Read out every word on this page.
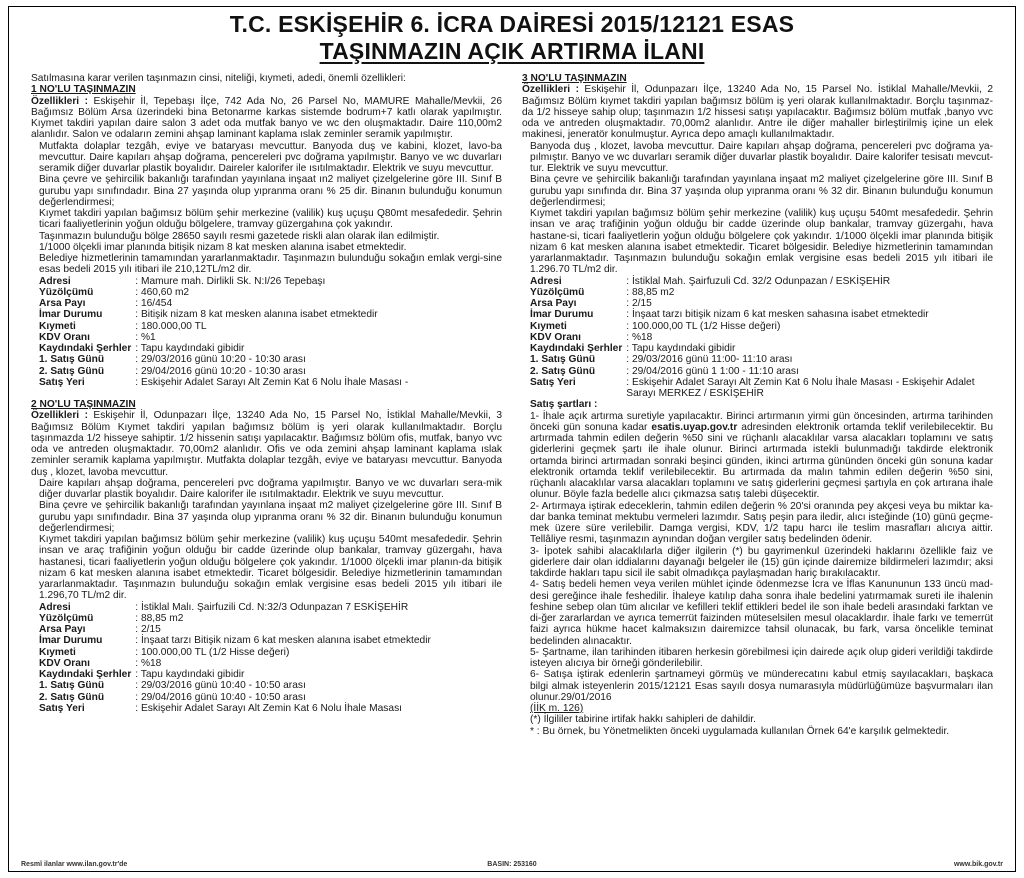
T.C. ESKİŞEHİR 6. İCRA DAİRESİ 2015/12121 ESAS
TAŞINMAZIN AÇIK ARTIRMA İLANI

Satılmasına karar verilen taşınmazın cinsi, niteliği, kıymeti, adedi, önemli özellikleri:

1 NO'LU TAŞINMAZIN

Özellikleri : Eskişehir İl, Tepebaşı İlçe, 742 Ada No, 26 Parsel No, MAMURE Mahalle/Mevkii, 26 Bağımsız Bölüm Arsa üzerindeki bina Betonarme karkas sistemde bodrum+7 katlı olarak yapılmıştır. Kıymet takdiri yapılan daire salon 3 adet oda mutfak banyo ve wc den oluşmaktadır. Daire 110,00m2 alanlıdır. Salon ve odaların zemini ahşap laminant kaplama ıslak zeminler seramik yapılmıştır.

Mutfakta dolaplar tezgâh, eviye ve bataryası mevcuttur. Banyoda duş ve kabini, klozet, lavo-ba mevcuttur. Daire kapıları ahşap doğrama, pencereleri pvc doğrama yapılmıştır. Banyo ve wc duvarları seramik diğer duvarlar plastik boyalıdır. Daireler kalorifer ile ısıtılmaktadır. Elektrik ve suyu mevcuttur.

Bina çevre ve şehircilik bakanlığı tarafından yayınlana inşaat ın2 maliyet çizelgelerine göre III. Sınıf B gurubu yapı sınıfındadır. Bina 27 yaşında olup yıpranma oranı % 25 dir. Binanın bulunduğu konumun değerlendirmesi;

Kıymet takdiri yapılan bağımsız bölüm şehir merkezine (valilik) kuş uçuşu Q80mt mesafededir. Şehrin ticari faaliyetlerinin yoğun olduğu bölgelere, tramvay güzergahına çok yakındır.

Taşınmazın bulunduğu bölge 28650 sayılı resmi gazetede riskli alan olarak ilan edilmiştir.

1/1000 ölçekli imar planında bitişik nizam 8 kat mesken alanına isabet etmektedir.

Belediye hizmetlerinin tamamından yararlanmaktadır. Taşınmazın bulunduğu sokağın emlak vergi-sine esas bedeli 2015 yılı itibari ile 210,12TL/m2 dir.

Adresi	: Mamure mah. Dirlikli Sk. N:I/26 Tepebaşı
Yüzölçümü	: 460,60 m2
Arsa Payı	: 16/454
İmar Durumu	: Bitişik nizam 8 kat mesken alanına isabet etmektedir
Kıymeti	: 180.000,00 TL
KDV Oranı	: %1
Kaydındaki Şerhler	: Tapu kaydındaki gibidir
1. Satış Günü	: 29/03/2016 günü 10:20 - 10:30 arası
2. Satış Günü	: 29/04/2016 günü 10:20 - 10:30 arası
Satış Yeri	: Eskişehir Adalet Sarayı Alt Zemin Kat 6 Nolu İhale Masası -
2 NO'LU TAŞINMAZIN

Özellikleri : Eskişehir İl, Odunpazarı İlçe, 13240 Ada No, 15 Parsel No, İstiklal Mahalle/Mevkii, 3 Bağımsız Bölüm Kıymet takdiri yapılan bağımsız bölüm iş yeri olarak kullanılmaktadır. Borçlu taşınmazda 1/2 hisseye sahiptir. 1/2 hissenin satışı yapılacaktır. Bağımsız bölüm ofis, mutfak, banyo vvc oda ve antreden oluşmaktadır. 70,00m2 alanlıdır. Ofis ve oda zemini ahşap laminant kaplama ıslak zeminler seramik kaplama yapılmıştır. Mutfakta dolaplar tezgâh, eviye ve bataryası mevcuttur. Banyoda duş , klozet, lavoba mevcuttur.

Daire kapıları ahşap doğrama, pencereleri pvc doğrama yapılmıştır. Banyo ve wc duvarları sera-mik diğer duvarlar plastik boyalıdır. Daire kalorifer ile ısıtılmaktadır. Elektrik ve suyu mevcuttur.

Bina çevre ve şehircilik bakanlığı tarafından yayınlana inşaat m2 maliyet çizelgelerine göre III. Sınıf B gurubu yapı sınıfındadır. Bina 37 yaşında olup yıpranma oranı % 32 dir. Binanın bulunduğu konumun değerlendirmesi;

Kıymet takdiri yapılan bağımsız bölüm şehir merkezine (valilik) kuş uçuşu 540mt mesafededir. Şehrin insan ve araç trafiğinin yoğun olduğu bir cadde üzerinde olup bankalar, tramvay güzergahı, hava hastanesi, ticari faaliyetlerin yoğun olduğu bölgelere çok yakındır. 1/1000 ölçekli imar planın-da bitişik nizam 6 kat mesken alanına isabet etmektedir. Ticaret bölgesidir. Belediye hizmetlerinin tamamından yararlanmaktadır. Taşınmazın bulunduğu sokağın emlak vergisine esas bedeli 2015 yılı itibari ile 1.296,70 TL/m2 dir.

Adresi	: İstiklal Malı. Şairfuzili Cd. N:32/3 Odunpazan 7 ESKİŞEHİR
Yüzölçümü	: 88,85 m2
Arsa Payı	: 2/15
İmar Durumu	: İnşaat tarzı Bitişik nizam 6 kat mesken alanına isabet etmektedir
Kıymeti	: 100.000,00 TL (1/2 Hisse değeri)
KDV Oranı	: %18
Kaydındaki Şerhler	: Tapu kaydındaki gibidir
1. Satış Günü	: 29/03/2016 günü 10:40 - 10:50 arası
2. Satış Günü	: 29/04/2016 günü 10:40 - 10:50 arası
Satış Yeri	: Eskişehir Adalet Sarayı Alt Zemin Kat 6 Nolu İhale Masası
3 NO'LU TAŞINMAZIN

Özellikleri : Eskişehir İl, Odunpazarı İlçe, 13240 Ada No, 15 Parsel No. İstiklal Mahalle/Mevkii, 2 Bağımsız Bölüm kıymet takdiri yapılan bağımsız bölüm iş yeri olarak kullanılmaktadır. Borçlu taşınmaz-da 1/2 hisseye sahip olup; taşınmazın 1/2 hissesi satışı yapılacaktır. Bağımsız bölüm mutfak ,banyo vvc oda ve antreden oluşmaktadır. 70,00m2 alanlıdır. Antre ile diğer mahaller birleştirilmiş içine un elek makinesi, jeneratör konulmuştur. Ayrıca depo amaçlı kullanılmaktadır.

Banyoda duş , klozet, lavoba mevcuttur. Daire kapıları ahşap doğrama, pencereleri pvc doğrama ya-pılmıştır. Banyo ve wc duvarları seramik diğer duvarlar plastik boyalıdır. Daire kalorifer tesisatı mevcut-tur. Elektrik ve suyu mevcuttur.

Bina çevre ve şehircilik bakanlığı tarafından yayınlana inşaat m2 maliyet çizelgelerine göre III. Sınıf B gurubu yapı sınıfında dır. Bina 37 yaşında olup yıpranma oranı % 32 dir. Binanın bulunduğu konumun değerlendirmesi;

Kıymet takdiri yapılan bağımsız bölüm şehir merkezine (valilik) kuş uçuşu 540mt mesafededir. Şehrin insan ve araç trafiğinin yoğun olduğu bir cadde üzerinde olup bankalar, tramvay güzergahı, hava hastane-si, ticari faaliyetlerin yoğun olduğu bölgelere çok yakındır. 1/1000 ölçekli imar planında bitişik nizam 6 kat mesken alanına isabet etmektedir. Ticaret bölgesidir. Belediye hizmetlerinin tamamından yararlanmaktadır. Taşınmazın bulunduğu sokağın emlak vergisine esas bedeli 2015 yılı itibari ile 1.296.70 TL/m2 dir.

Adresi	: İstiklal Mah. Şairfuzuli Cd. 32/2 Odunpazan / ESKİŞEHİR
Yüzölçümü	: 88,85 m2
Arsa Payı	: 2/15
İmar Durumu	: İnşaat tarzı bitişik nizam 6 kat mesken sahasına isabet etmektedir
Kıymeti	: 100.000,00 TL (1/2 Hisse değeri)
KDV Oranı	: %18
Kaydındaki Şerhler	: Tapu kaydındaki gibidir
1. Satış Günü	: 29/03/2016 günü 11:00- 11:10 arası
2. Satış Günü	: 29/04/2016 günü 1 1:00 - 11:10 arası
Satış Yeri	: Eskişehir Adalet Sarayı Alt Zemin Kat 6 Nolu İhale Masası - Eskişehir Adalet Sarayı MERKEZ / ESKİŞEHİR
Satış şartları :

1- İhale açık artırma suretiyle yapılacaktır. Birinci artırmanın yirmi gün öncesinden, artırma tarihinden önceki gün sonuna kadar esatis.uyap.gov.tr adresinden elektronik ortamda teklif verilebilecektir. Bu artırmada tahmin edilen değerin %50 sini ve rüçhanlı alacaklılar varsa alacakları toplamını ve satış giderlerini geçmek şartı ile ihale olunur. Birinci artırmada istekli bulunmadığı takdirde elektronik ortamda birinci artırmadan sonraki beşinci günden, ikinci artırma gününden önceki gün sonuna kadar elektronik ortamda teklif verilebilecektir. Bu artırmada da malın tahmin edilen değerin %50 sini, rüçhanlı alacaklılar varsa alacakları toplamını ve satış giderlerini geçmesi şartıyla en çok artırana ihale olunur. Böyle fazla bedelle alıcı çıkmazsa satış talebi düşecektir.

2- Artırmaya iştirak edeceklerin, tahmin edilen değerin % 20'si oranında pey akçesi veya bu miktar ka-dar banka teminat mektubu vermeleri lazımdır. Satış peşin para iledir, alıcı isteğinde (10) günü geçme-mek üzere süre verilebilir. Damga vergisi, KDV, 1/2 tapu harcı ile teslim masrafları alıcıya aittir. Tellâliye resmi, taşınmazın aynından doğan vergiler satış bedelinden ödenir.

3- İpotek sahibi alacaklılarla diğer ilgilerin (*) bu gayrimenkul üzerindeki haklarını özellikle faiz ve giderlere dair olan iddialarını dayanağı belgeler ile (15) gün içinde dairemize bildirmeleri lazımdır; aksi takdirde hakları tapu sicil ile sabit olmadıkça paylaşmadan hariç bırakılacaktır.

4- Satış bedeli hemen veya verilen mühlet içinde ödenmezse İcra ve İflas Kanununun 133 üncü mad-desi gereğince ihale feshedilir. İhaleye katılıp daha sonra ihale bedelini yatırmamak sureti ile ihalenin feshine sebep olan tüm alıcılar ve kefilleri teklif ettikleri bedel ile son ihale bedeli arasındaki farktan ve di-ğer zararlardan ve ayrıca temerrüt faizinden müteselsilen mesul olacaklardır. İhale farkı ve temerrüt faizi ayrıca hükme hacet kalmaksızın dairemizce tahsil olunacak, bu fark, varsa öncelikle teminat bedelinden alınacaktır.

5- Şartname, ilan tarihinden itibaren herkesin görebilmesi için dairede açık olup gideri verildiği takdirde isteyen alıcıya bir örneği gönderilebilir.

6- Satışa iştirak edenlerin şartnameyi görmüş ve münderecatını kabul etmiş sayılacakları, başkaca bilgi almak isteyenlerin 2015/12121 Esas sayılı dosya numarasıyla müdürlüğümüze başvurmaları ilan olunur.29/01/2016

(İİK m. 126)

(*) İlgililer tabirine irtifak hakkı sahipleri de dahildir.

* : Bu örnek, bu Yönetmelikten önceki uygulamada kullanılan Örnek 64'e karşılık gelmektedir.

Resmî ilanlar www.ilan.gov.tr'de	BASIN: 253160	www.bik.gov.tr
